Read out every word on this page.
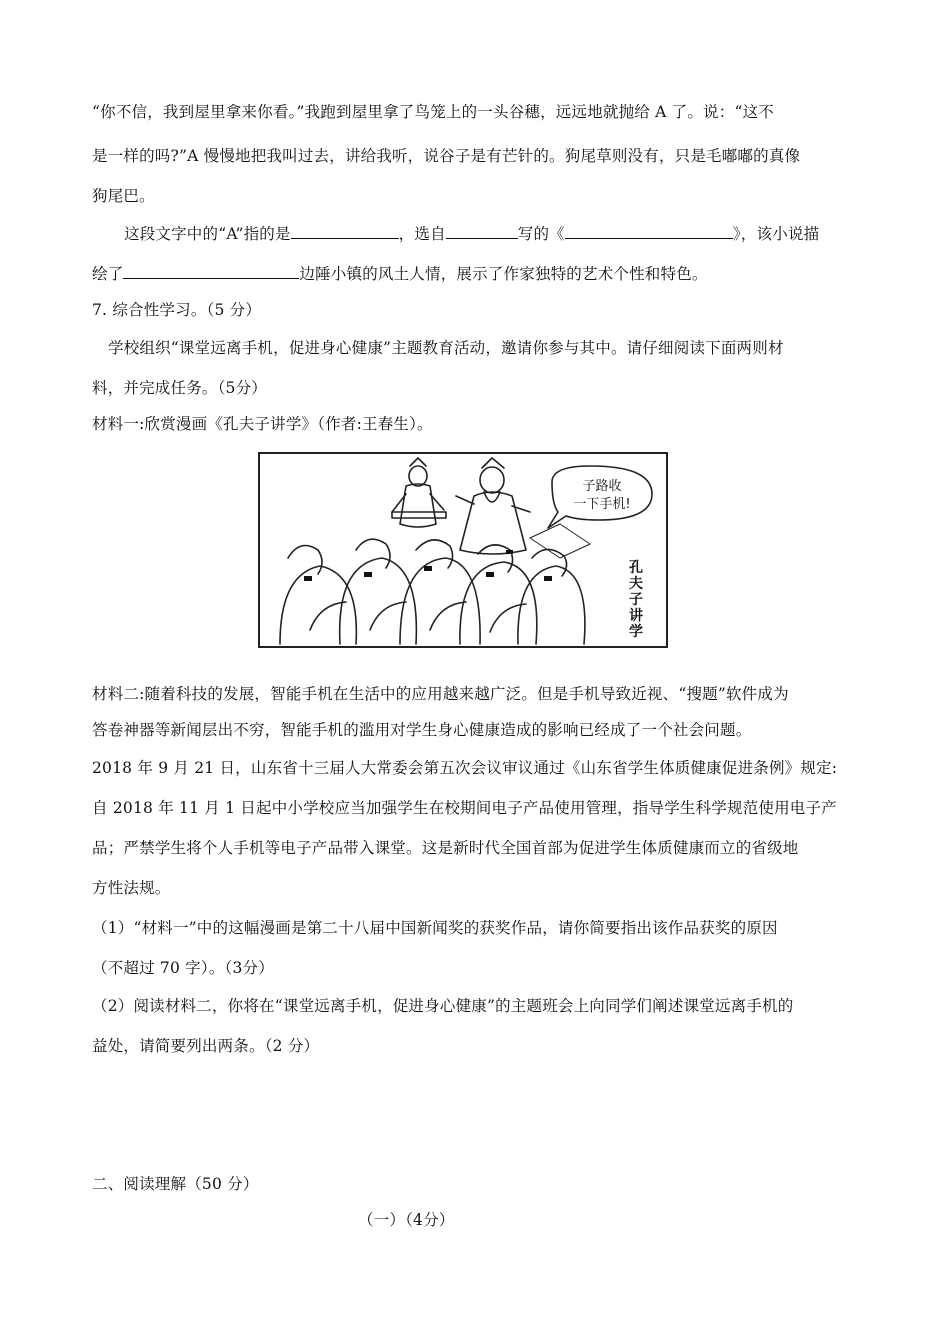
“你不信，我到屋里拿来你看。”我跑到屋里拿了鸟笼上的一头谷穗，远远地就抛给 A 了。说：“这不
是一样的吗?”A 慢慢地把我叫过去，讲给我听，说谷子是有芒针的。狗尾草则没有，只是毛嘟嘟的真像
狗尾巴。
这段文字中的“A”指的是	，选自	写的《	》，该小说描
绘了	边陲小镇的风土人情，展示了作家独特的艺术个性和特色。
7. 综合性学习。（5 分）
学校组织“课堂远离手机，促进身心健康”主题教育活动，邀请你参与其中。请仔细阅读下面两则材
料，并完成任务。（5分）
材料一:欣赏漫画《孔夫子讲学》（作者:王春生）。
子路收
一下手机!
孔
夫
子
讲
学
材料二:随着科技的发展，智能手机在生活中的应用越来越广泛。但是手机导致近视、“搜题”软件成为
答卷神器等新闻层出不穷，智能手机的滥用对学生身心健康造成的影响已经成了一个社会问题。
2018 年 9 月 21 日，山东省十三届人大常委会第五次会议审议通过《山东省学生体质健康促进条例》规定:
自 2018 年 11 月 1 日起中小学校应当加强学生在校期间电子产品使用管理，指导学生科学规范使用电子产
品；严禁学生将个人手机等电子产品带入课堂。这是新时代全国首部为促进学生体质健康而立的省级地
方性法规。
（1）“材料一”中的这幅漫画是第二十八届中国新闻奖的获奖作品，请你简要指出该作品获奖的原因
（不超过 70 字）。（3分）
（2）阅读材料二，你将在“课堂远离手机，促进身心健康”的主题班会上向同学们阐述课堂远离手机的
益处，请简要列出两条。（2 分）
二、阅读理解（50 分）
（一）（4分）
